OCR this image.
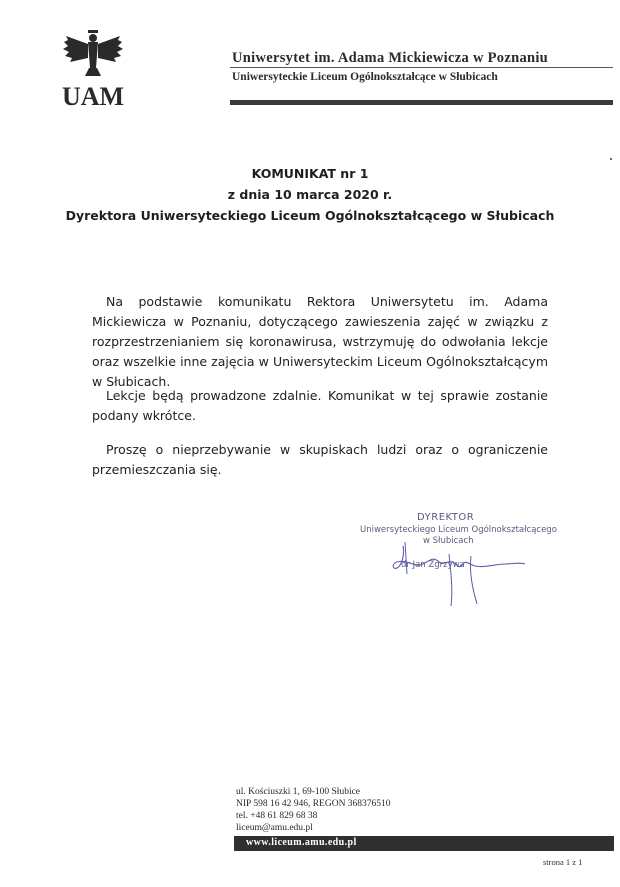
UAM
Uniwersytet im. Adama Mickiewicza w Poznaniu
Uniwersyteckie Liceum Ogólnokształcące w Słubicach
KOMUNIKAT nr 1
z dnia 10 marca 2020 r.
Dyrektora Uniwersyteckiego Liceum Ogólnokształcącego w Słubicach

Na podstawie komunikatu Rektora Uniwersytetu im. Adama Mickiewicza w Poznaniu, dotyczącego zawieszenia zajęć w związku z rozprzestrzenianiem się koronawirusa, wstrzymuję do odwołania lekcje oraz wszelkie inne zajęcia w Uniwersyteckim Liceum Ogólnokształcącym w Słubicach.

Lekcje będą prowadzone zdalnie. Komunikat w tej sprawie zostanie podany wkrótce.

Proszę o nieprzebywanie w skupiskach ludzi oraz o ograniczenie przemieszczania się.

DYREKTOR
Uniwersyteckiego Liceum Ogólnokształcącego
w Słubicach
dr Jan Zgrzywa
ul. Kościuszki 1, 69-100 Słubice
NIP 598 16 42 946, REGON 368376510
tel. +48 61 829 68 38
liceum@amu.edu.pl
www.liceum.amu.edu.pl
strona 1 z 1
